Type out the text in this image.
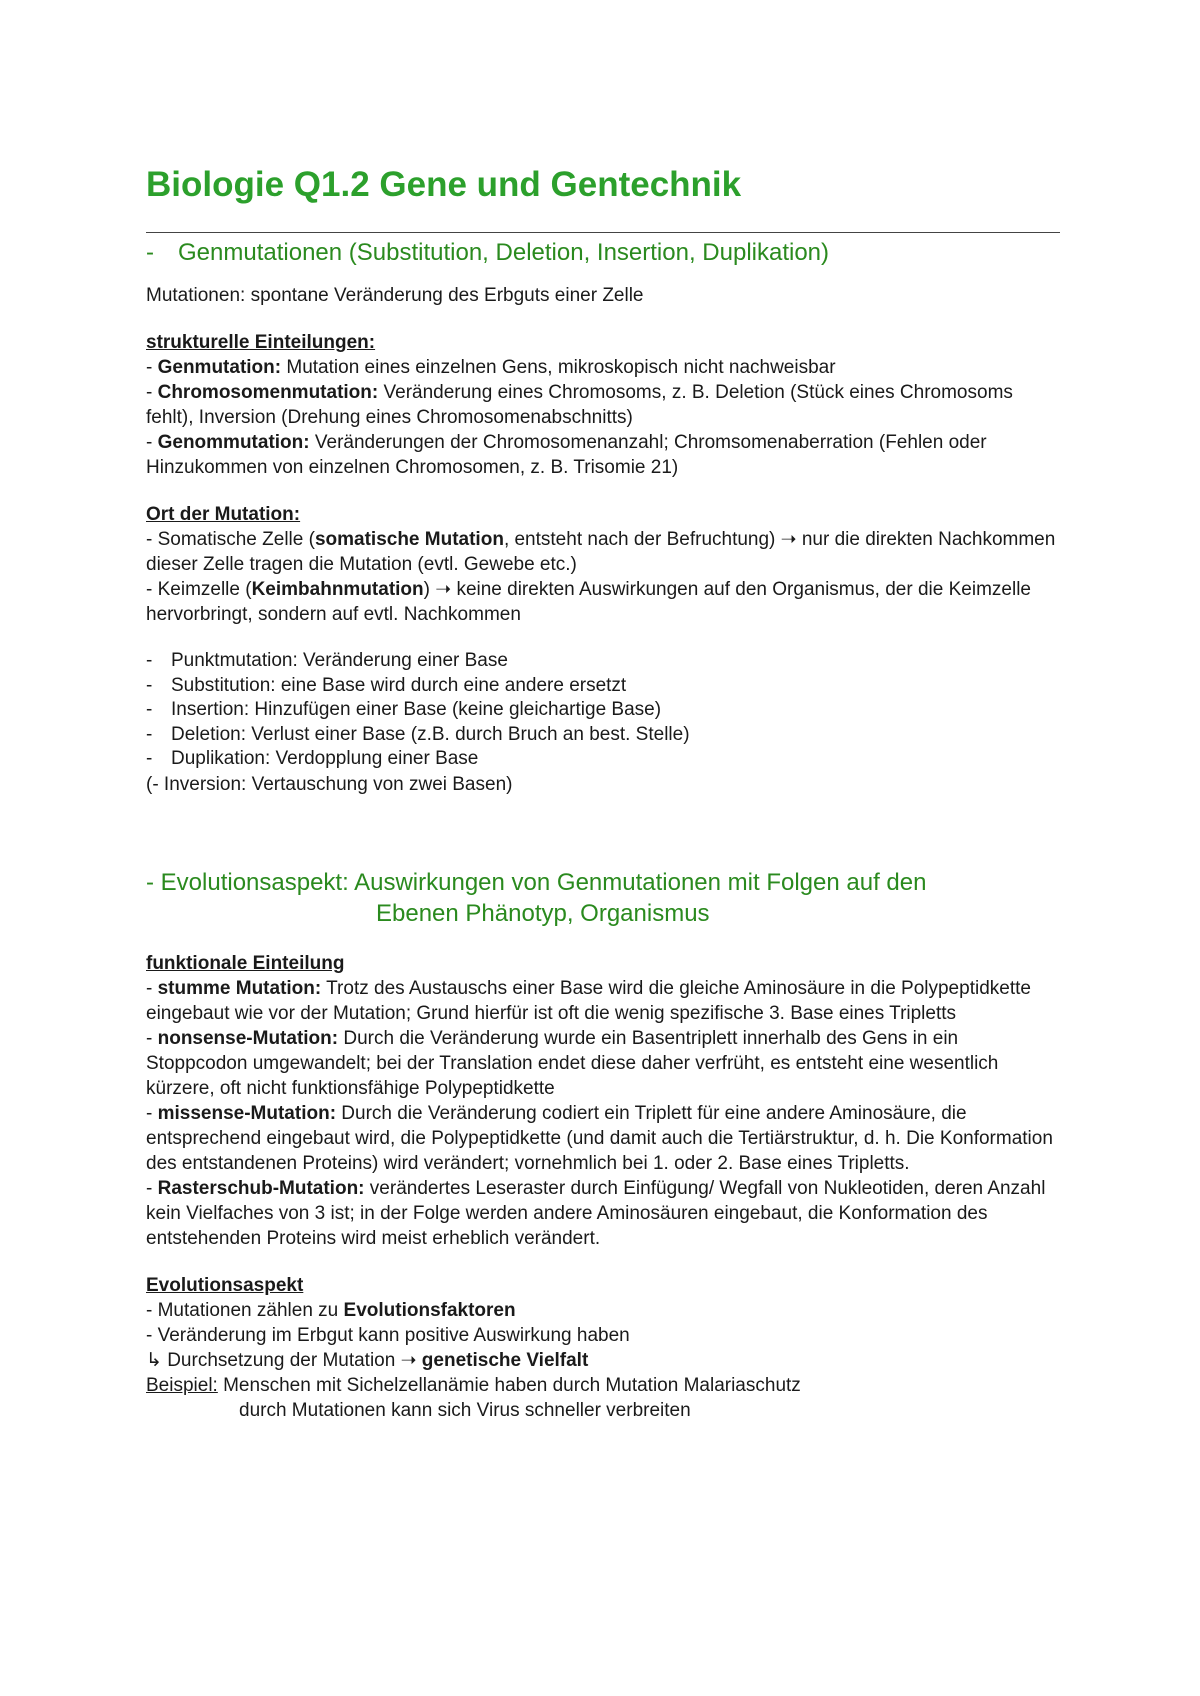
Biologie Q1.2 Gene und Gentechnik

- Genmutationen (Substitution, Deletion, Insertion, Duplikation)

Mutationen: spontane Veränderung des Erbguts einer Zelle

strukturelle Einteilungen:

- Genmutation: Mutation eines einzelnen Gens, mikroskopisch nicht nachweisbar

- Chromosomenmutation: Veränderung eines Chromosoms, z. B. Deletion (Stück eines Chromosoms fehlt), Inversion (Drehung eines Chromosomenabschnitts)

- Genommutation: Veränderungen der Chromosomenanzahl; Chromsomenaberration (Fehlen oder Hinzukommen von einzelnen Chromosomen, z. B. Trisomie 21)

Ort der Mutation:

- Somatische Zelle (somatische Mutation, entsteht nach der Befruchtung) ➝ nur die direkten Nachkommen dieser Zelle tragen die Mutation (evtl. Gewebe etc.)

- Keimzelle (Keimbahnmutation) ➝ keine direkten Auswirkungen auf den Organismus, der die Keimzelle hervorbringt, sondern auf evtl. Nachkommen

- Punktmutation: Veränderung einer Base
- Substitution: eine Base wird durch eine andere ersetzt
- Insertion: Hinzufügen einer Base (keine gleichartige Base)
- Deletion: Verlust einer Base (z.B. durch Bruch an best. Stelle)
- Duplikation: Verdopplung einer Base

(- Inversion: Vertauschung von zwei Basen)

- Evolutionsaspekt: Auswirkungen von Genmutationen mit Folgen auf den
Ebenen Phänotyp, Organismus

funktionale Einteilung

- stumme Mutation: Trotz des Austauschs einer Base wird die gleiche Aminosäure in die Polypeptidkette eingebaut wie vor der Mutation; Grund hierfür ist oft die wenig spezifische 3. Base eines Tripletts

- nonsense-Mutation: Durch die Veränderung wurde ein Basentriplett innerhalb des Gens in ein Stoppcodon umgewandelt; bei der Translation endet diese daher verfrüht, es entsteht eine wesentlich kürzere, oft nicht funktionsfähige Polypeptidkette

- missense-Mutation: Durch die Veränderung codiert ein Triplett für eine andere Aminosäure, die entsprechend eingebaut wird, die Polypeptidkette (und damit auch die Tertiärstruktur, d. h. Die Konformation des entstandenen Proteins) wird verändert; vornehmlich bei 1. oder 2. Base eines Tripletts.

- Rasterschub-Mutation: verändertes Leseraster durch Einfügung/ Wegfall von Nukleotiden, deren Anzahl kein Vielfaches von 3 ist; in der Folge werden andere Aminosäuren eingebaut, die Konformation des entstehenden Proteins wird meist erheblich verändert.

Evolutionsaspekt

- Mutationen zählen zu Evolutionsfaktoren

- Veränderung im Erbgut kann positive Auswirkung haben

↳ Durchsetzung der Mutation ➝ genetische Vielfalt

Beispiel: Menschen mit Sichelzellanämie haben durch Mutation Malariaschutz

durch Mutationen kann sich Virus schneller verbreiten
